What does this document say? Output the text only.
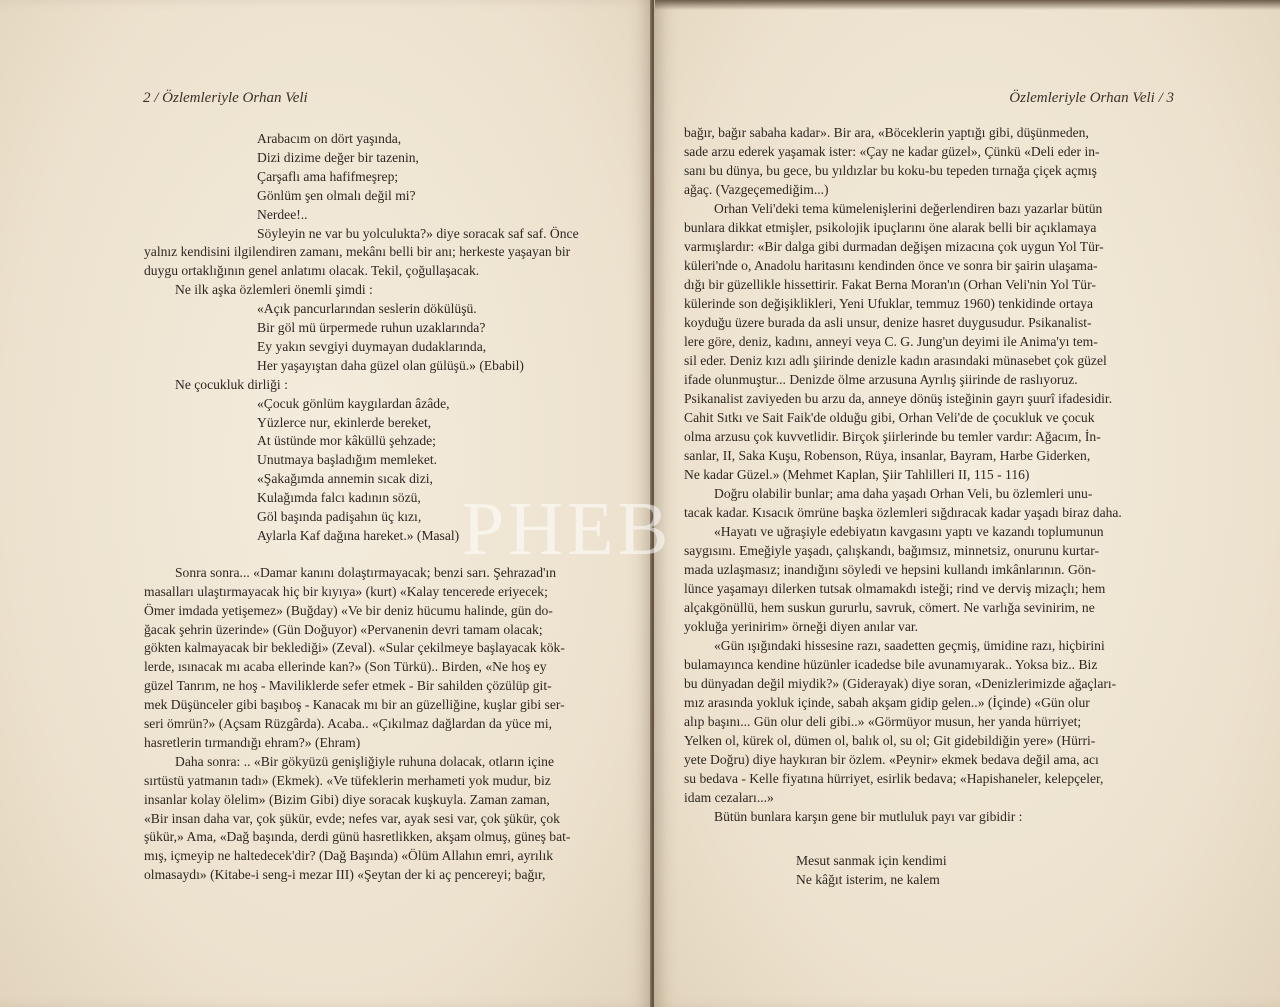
2 / Özlemleriyle Orhan Veli
Arabacım on dört yaşında,
Dizi dizime değer bir tazenin,
Çarşaflı ama hafifmeşrep;
Gönlüm şen olmalı değil mi?
Nerdee!..
Söyleyin ne var bu yolculukta?» diye soracak saf saf. Önce
yalnız kendisini ilgilendiren zamanı, mekânı belli bir anı; herkeste yaşayan bir
duygu ortaklığının genel anlatımı olacak. Tekil, çoğullaşacak.
Ne ilk aşka özlemleri önemli şimdi :
«Açık pancurlarından seslerin dökülüşü.
Bir göl mü ürpermede ruhun uzaklarında?
Ey yakın sevgiyi duymayan dudaklarında,
Her yaşayıştan daha güzel olan gülüşü.» (Ebabil)
Ne çocukluk dirliği :
«Çocuk gönlüm kaygılardan âzâde,
Yüzlerce nur, ekinlerde bereket,
At üstünde mor kâküllü şehzade;
Unutmaya başladığım memleket.
«Şakağımda annemin sıcak dizi,
Kulağımda falcı kadının sözü,
Göl başında padişahın üç kızı,
Aylarla Kaf dağına hareket.» (Masal)
Sonra sonra... «Damar kanını dolaştırmayacak; benzi sarı. Şehrazad'ın
masalları ulaştırmayacak hiç bir kıyıya» (kurt) «Kalay tencerede eriyecek;
Ömer imdada yetişemez» (Buğday) «Ve bir deniz hücumu halinde, gün do-
ğacak şehrin üzerinde» (Gün Doğuyor) «Pervanenin devri tamam olacak;
gökten kalmayacak bir beklediği» (Zeval). «Sular çekilmeye başlayacak kök-
lerde, ısınacak mı acaba ellerinde kan?» (Son Türkü).. Birden, «Ne hoş ey
güzel Tanrım, ne hoş - Maviliklerde sefer etmek - Bir sahilden çözülüp git-
mek Düşünceler gibi başıboş - Kanacak mı bir an güzelliğine, kuşlar gibi ser-
seri ömrün?» (Açsam Rüzgârda). Acaba.. «Çıkılmaz dağlardan da yüce mi,
hasretlerin tırmandığı ehram?» (Ehram)
Daha sonra: .. «Bir gökyüzü genişliğiyle ruhuna dolacak, otların içine
sırtüstü yatmanın tadı» (Ekmek). «Ve tüfeklerin merhameti yok mudur, biz
insanlar kolay ölelim» (Bizim Gibi) diye soracak kuşkuyla. Zaman zaman,
«Bir insan daha var, çok şükür, evde; nefes var, ayak sesi var, çok şükür, çok
şükür,» Ama, «Dağ başında, derdi günü hasretlikken, akşam olmuş, güneş bat-
mış, içmeyip ne haltedecek'dir? (Dağ Başında) «Ölüm Allahın emri, ayrılık
olmasaydı» (Kitabe-i seng-i mezar III) «Şeytan der ki aç pencereyi; bağır,
Özlemleriyle Orhan Veli / 3
bağır, bağır sabaha kadar». Bir ara, «Böceklerin yaptığı gibi, düşünmeden,
sade arzu ederek yaşamak ister: «Çay ne kadar güzel», Çünkü «Deli eder in-
sanı bu dünya, bu gece, bu yıldızlar bu koku-bu tepeden tırnağa çiçek açmış
ağaç. (Vazgeçemediğim...)
Orhan Veli'deki tema kümelenişlerini değerlendiren bazı yazarlar bütün
bunlara dikkat etmişler, psikolojik ipuçlarını öne alarak belli bir açıklamaya
varmışlardır: «Bir dalga gibi durmadan değişen mizacına çok uygun Yol Tür-
küleri'nde o, Anadolu haritasını kendinden önce ve sonra bir şairin ulaşama-
dığı bir güzellikle hissettirir. Fakat Berna Moran'ın (Orhan Veli'nin Yol Tür-
külerinde son değişiklikleri, Yeni Ufuklar, temmuz 1960) tenkidinde ortaya
koyduğu üzere burada da asli unsur, denize hasret duygusudur. Psikanalist-
lere göre, deniz, kadını, anneyi veya C. G. Jung'un deyimi ile Anima'yı tem-
sil eder. Deniz kızı adlı şiirinde denizle kadın arasındaki münasebet çok güzel
ifade olunmuştur... Denizde ölme arzusuna Ayrılış şiirinde de raslıyoruz.
Psikanalist zaviyeden bu arzu da, anneye dönüş isteğinin gayrı şuurî ifadesidir.
Cahit Sıtkı ve Sait Faik'de olduğu gibi, Orhan Veli'de de çocukluk ve çocuk
olma arzusu çok kuvvetlidir. Birçok şiirlerinde bu temler vardır: Ağacım, İn-
sanlar, II, Saka Kuşu, Robenson, Rüya, insanlar, Bayram, Harbe Giderken,
Ne kadar Güzel.» (Mehmet Kaplan, Şiir Tahlilleri II, 115 - 116)
Doğru olabilir bunlar; ama daha yaşadı Orhan Veli, bu özlemleri unu-
tacak kadar. Kısacık ömrüne başka özlemleri sığdıracak kadar yaşadı biraz daha.
«Hayatı ve uğraşiyle edebiyatın kavgasını yaptı ve kazandı toplumunun
saygısını. Emeğiyle yaşadı, çalışkandı, bağımsız, minnetsiz, onurunu kurtar-
mada uzlaşmasız; inandığını söyledi ve hepsini kullandı imkânlarının. Gön-
lünce yaşamayı dilerken tutsak olmamakdı isteği; rind ve derviş mizaçlı; hem
alçakgönüllü, hem suskun gururlu, savruk, cömert. Ne varlığa sevinirim, ne
yokluğa yerinirim» örneği diyen anılar var.
«Gün ışığındaki hissesine razı, saadetten geçmiş, ümidine razı, hiçbirini
bulamayınca kendine hüzünler icadedse bile avunamıyarak.. Yoksa biz.. Biz
bu dünyadan değil miydik?» (Giderayak) diye soran, «Denizlerimizde ağaçları-
mız arasında yokluk içinde, sabah akşam gidip gelen..» (İçinde) «Gün olur
alıp başını... Gün olur deli gibi..» «Görmüyor musun, her yanda hürriyet;
Yelken ol, kürek ol, dümen ol, balık ol, su ol; Git gidebildiğin yere» (Hürri-
yete Doğru) diye haykıran bir özlem. «Peynir» ekmek bedava değil ama, acı
su bedava - Kelle fiyatına hürriyet, esirlik bedava; «Hapishaneler, kelepçeler,
idam cezaları...»
Bütün bunlara karşın gene bir mutluluk payı var gibidir :
Mesut sanmak için kendimi
Ne kâğıt isterim, ne kalem
PHEB
